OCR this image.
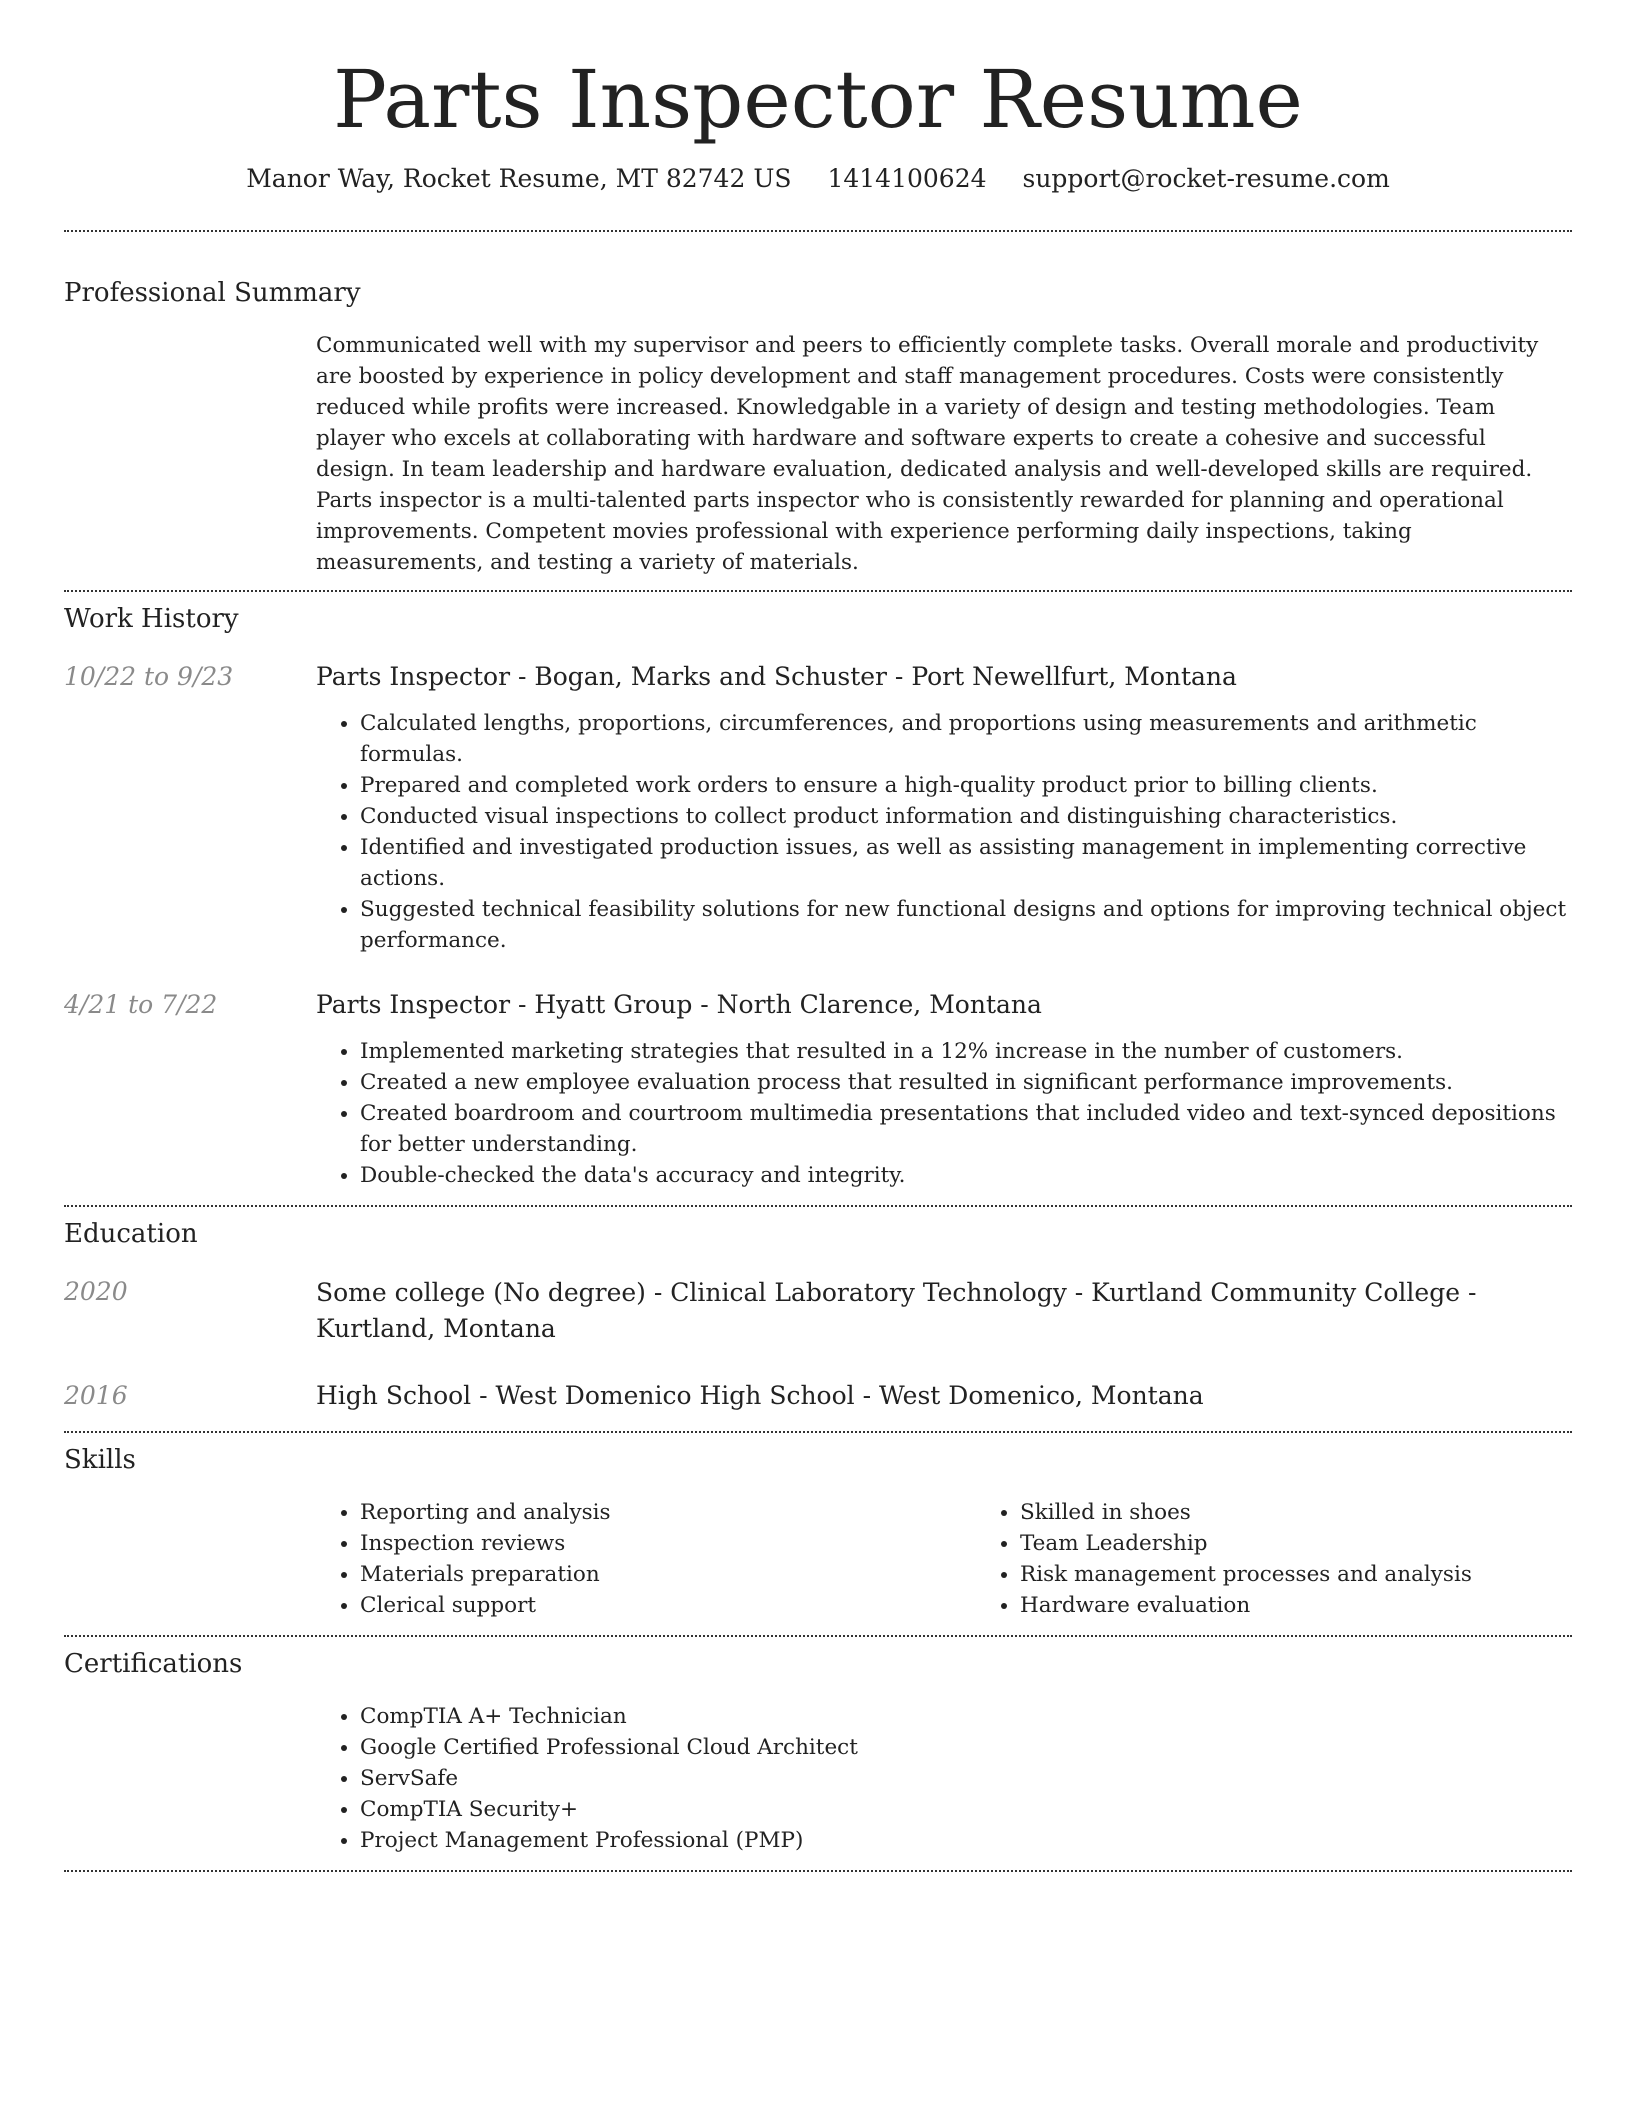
Parts Inspector Resume
Manor Way, Rocket Resume, MT 82742 US 1414100624 support@rocket-resume.com
Professional Summary

Communicated well with my supervisor and peers to efficiently complete tasks. Overall morale and productivity are boosted by experience in policy development and staff management procedures. Costs were consistently reduced while profits were increased. Knowledgable in a variety of design and testing methodologies. Team player who excels at collaborating with hardware and software experts to create a cohesive and successful design. In team leadership and hardware evaluation, dedicated analysis and well-developed skills are required. Parts inspector is a multi-talented parts inspector who is consistently rewarded for planning and operational improvements. Competent movies professional with experience performing daily inspections, taking measurements, and testing a variety of materials.

Work History
10/22 to 9/23	Parts Inspector - Bogan, Marks and Schuster - Port Newellfurt, Montana
• Calculated lengths, proportions, circumferences, and proportions using measurements and arithmetic formulas.
• Prepared and completed work orders to ensure a high-quality product prior to billing clients.
• Conducted visual inspections to collect product information and distinguishing characteristics.
• Identified and investigated production issues, as well as assisting management in implementing corrective actions.
• Suggested technical feasibility solutions for new functional designs and options for improving technical object performance.
4/21 to 7/22	Parts Inspector - Hyatt Group - North Clarence, Montana
• Implemented marketing strategies that resulted in a 12% increase in the number of customers.
• Created a new employee evaluation process that resulted in significant performance improvements.
• Created boardroom and courtroom multimedia presentations that included video and text-synced depositions for better understanding.
• Double-checked the data's accuracy and integrity.
Education
2020	Some college (No degree) - Clinical Laboratory Technology - Kurtland Community College - Kurtland, Montana
2016	High School - West Domenico High School - West Domenico, Montana
Skills
• Reporting and analysis
• Inspection reviews
• Materials preparation
• Clerical support
• Skilled in shoes
• Team Leadership
• Risk management processes and analysis
• Hardware evaluation
Certifications
• CompTIA A+ Technician
• Google Certified Professional Cloud Architect
• ServSafe
• CompTIA Security+
• Project Management Professional (PMP)
